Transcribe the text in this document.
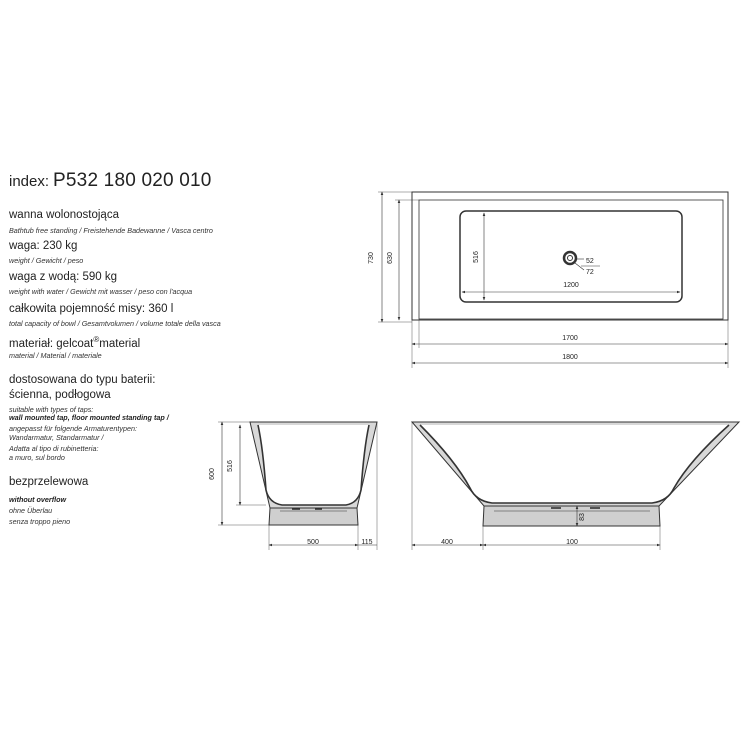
index: P532 180 020 010
wanna wolonostojąca
Bathtub free standing / Freistehende Badewanne / Vasca centro
waga: 230 kg
weight / Gewicht / peso
waga z wodą: 590 kg
weight with water / Gewicht mit wasser / peso con l'acqua
całkowita pojemność misy: 360 l
total capacity of bowl / Gesamtvolumen / volume totale della vasca
materiał: gelcoat®material
material / Material / materiale
dostosowana do typu baterii:
ścienna, podłogowa
suitable with types of taps:
wall mounted tap, floor mounted standing tap /
angepasst für folgende Armaturentypen:
Wandarmatur, Standarmatur /
Adatta al tipo di rubinetteria:
a muro, sul bordo
bezprzelewowa
without overflow
ohne Überlau
senza troppo pieno
730 630	516	52
72
1200
1700
1800
600
516
500	115	400	100
83
